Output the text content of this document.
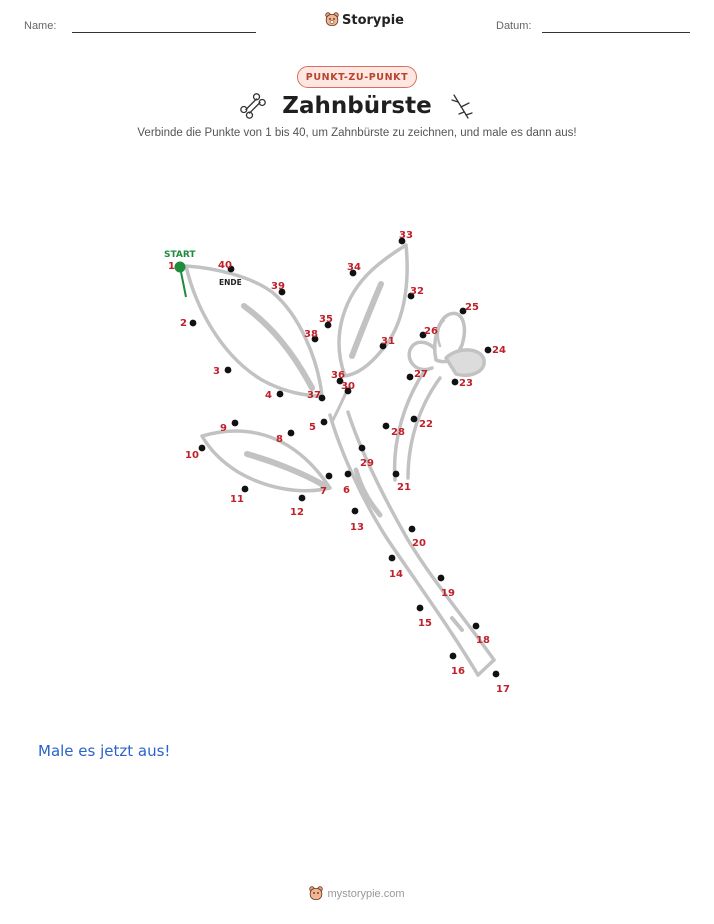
Name:	Storypie	Datum:
PUNKT-ZU-PUNKT
Zahnbürste
Verbinde die Punkte von 1 bis 40, um Zahnbürste zu zeichnen, und male es dann aus!
START
ENDE
1
2
3
4
5
6
7
8
9
10
11
12
13
14
15
16
17
18
19
20
21
22
23
24
25
26
27
28
29
30
31
32
33
34
35
36
37
38
39
40
Male es jetzt aus!
mystorypie.com
